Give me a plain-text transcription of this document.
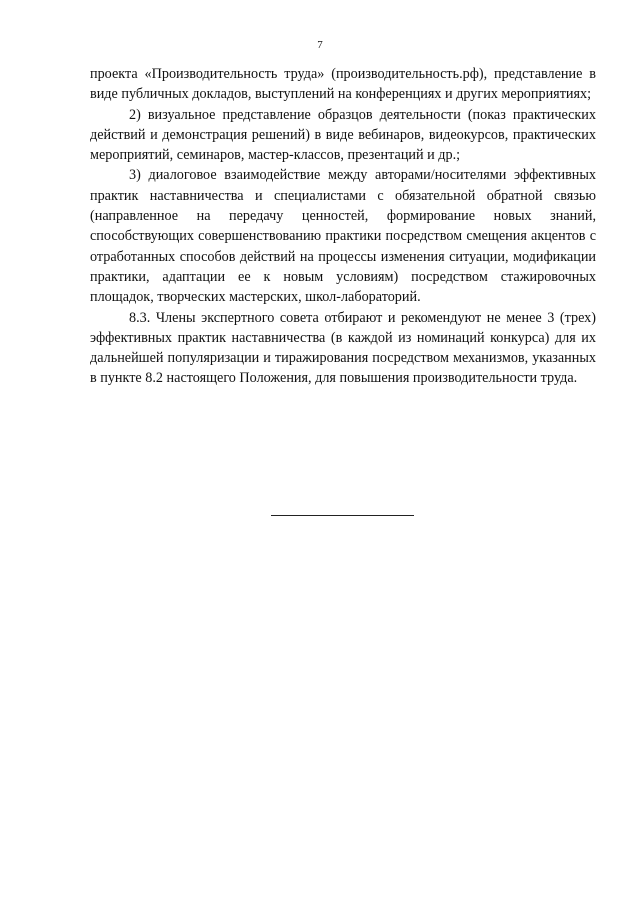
7

проекта «Производительность труда» (производительность.рф), представление в виде публичных докладов, выступлений на конференциях и других мероприятиях;

2) визуальное представление образцов деятельности (показ практических действий и демонстрация решений) в виде вебинаров, видеокурсов, практических мероприятий, семинаров, мастер-классов, презентаций и др.;

3) диалоговое взаимодействие между авторами/носителями эффективных практик наставничества и специалистами с обязательной обратной связью (направленное на передачу ценностей, формирование новых знаний, способствующих совершенствованию практики посредством смещения акцентов с отработанных способов действий на процессы изменения ситуации, модификации практики, адаптации ее к новым условиям) посредством стажировочных площадок, творческих мастерских, школ-лабораторий.

8.3. Члены экспертного совета отбирают и рекомендуют не менее 3 (трех) эффективных практик наставничества (в каждой из номинаций конкурса) для их дальнейшей популяризации и тиражирования посредством механизмов, указанных в пункте 8.2 настоящего Положения, для повышения производительности труда.
